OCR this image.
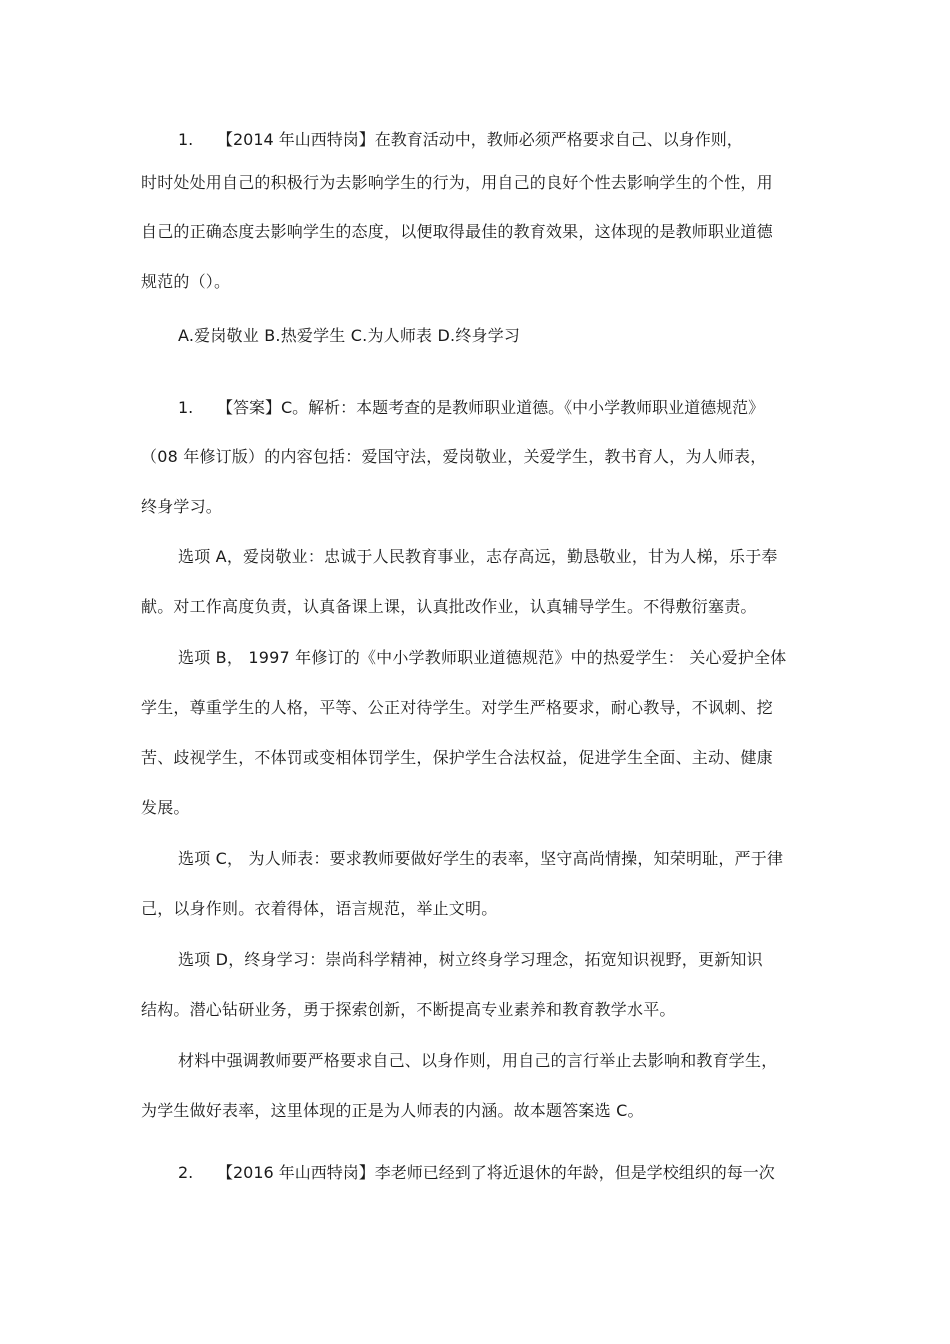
1. 【2014 年山西特岗】在教育活动中，教师必须严格要求自己、以身作则，
时时处处用自己的积极行为去影响学生的行为，用自己的良好个性去影响学生的个性，用
自己的正确态度去影响学生的态度，以便取得最佳的教育效果，这体现的是教师职业道德
规范的（）。
A.爱岗敬业 B.热爱学生 C.为人师表 D.终身学习
1. 【答案】C。解析：本题考查的是教师职业道德。《中小学教师职业道德规范》
（08 年修订版）的内容包括：爱国守法，爱岗敬业，关爱学生，教书育人，为人师表，
终身学习。
选项 A，爱岗敬业：忠诚于人民教育事业，志存高远，勤恳敬业，甘为人梯，乐于奉
献。对工作高度负责，认真备课上课，认真批改作业，认真辅导学生。不得敷衍塞责。
选项 B， 1997 年修订的《中小学教师职业道德规范》中的热爱学生： 关心爱护全体
学生，尊重学生的人格，平等、公正对待学生。对学生严格要求，耐心教导，不讽刺、挖
苦、歧视学生，不体罚或变相体罚学生，保护学生合法权益，促进学生全面、主动、健康
发展。
选项 C， 为人师表：要求教师要做好学生的表率，坚守高尚情操，知荣明耻，严于律
己，以身作则。衣着得体，语言规范，举止文明。
选项 D，终身学习：崇尚科学精神，树立终身学习理念，拓宽知识视野，更新知识
结构。潜心钻研业务，勇于探索创新，不断提高专业素养和教育教学水平。
材料中强调教师要严格要求自己、以身作则，用自己的言行举止去影响和教育学生，
为学生做好表率，这里体现的正是为人师表的内涵。故本题答案选 C。
2. 【2016 年山西特岗】李老师已经到了将近退休的年龄，但是学校组织的每一次
